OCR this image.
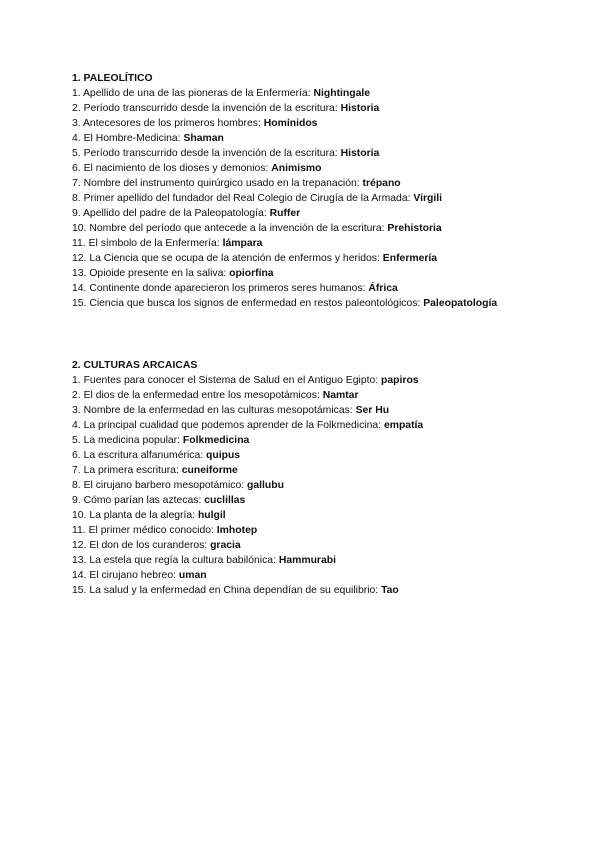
1. PALEOLÍTICO
1. Apellido de una de las pioneras de la Enfermería: Nightingale
2. Período transcurrido desde la invención de la escritura: Historia
3. Antecesores de los primeros hombres: Homínidos
4. El Hombre-Medicina: Shaman
5. Período transcurrido desde la invención de la escritura: Historia
6. El nacimiento de los dioses y demonios: Animismo
7. Nombre del instrumento quirúrgico usado en la trepanación: trépano
8. Primer apellido del fundador del Real Colegio de Cirugía de la Armada: Virgili
9. Apellido del padre de la Paleopatología: Ruffer
10. Nombre del período que antecede a la invención de la escritura: Prehistoria
11. El símbolo de la Enfermería: lámpara
12. La Ciencia que se ocupa de la atención de enfermos y heridos: Enfermería
13. Opioide presente en la saliva: opiorfina
14. Continente donde aparecieron los primeros seres humanos: África
15. Ciencia que busca los signos de enfermedad en restos paleontológicos: Paleopatología
2. CULTURAS ARCAICAS
1. Fuentes para conocer el Sistema de Salud en el Antiguo Egipto: papiros
2. El dios de la enfermedad entre los mesopotámicos: Namtar
3. Nombre de la enfermedad en las culturas mesopotámicas: Ser Hu
4. La principal cualidad que podemos aprender de la Folkmedicina: empatía
5. La medicina popular: Folkmedicina
6. La escritura alfanumérica: quipus
7. La primera escritura: cuneiforme
8. El cirujano barbero mesopotámico: gallubu
9. Cómo parían las aztecas: cuclillas
10. La planta de la alegría: hulgil
11. El primer médico conocido: Imhotep
12. El don de los curanderos: gracia
13. La estela que regía la cultura babilónica: Hammurabi
14. El cirujano hebreo: uman
15. La salud y la enfermedad en China dependían de su equilibrio: Tao
